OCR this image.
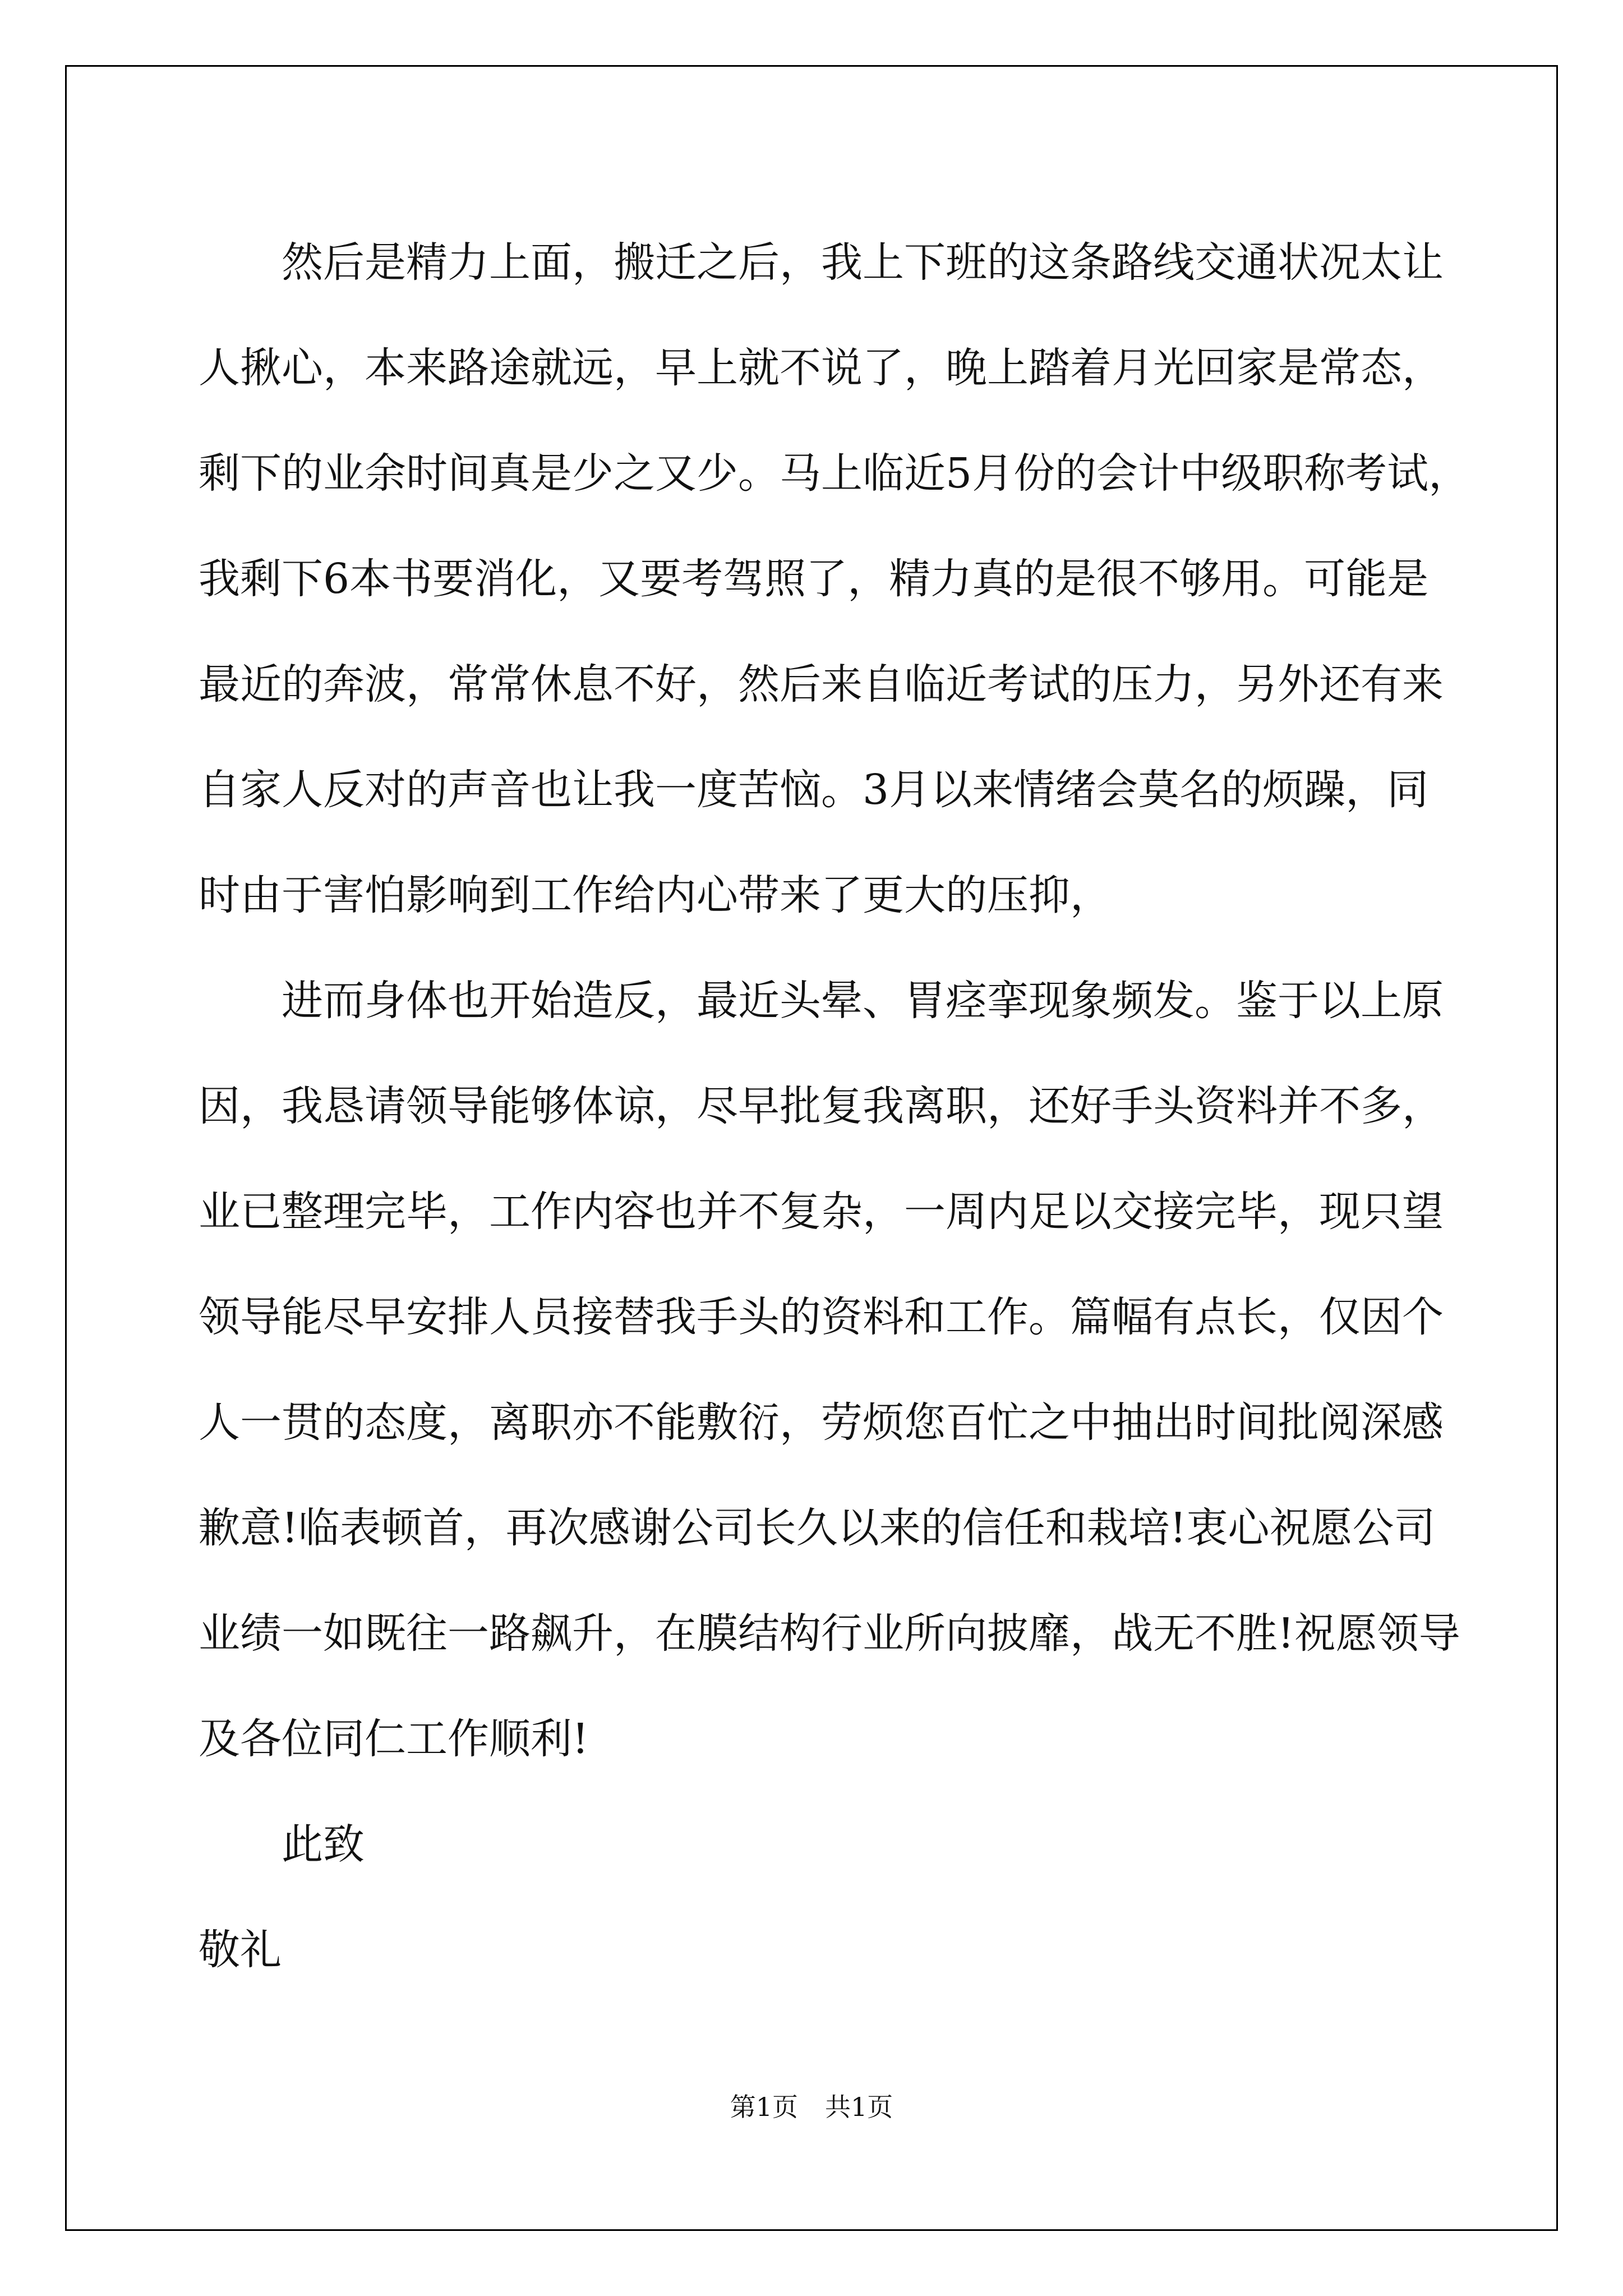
然后是精力上面，搬迁之后，我上下班的这条路线交通状况太让
人揪心，本来路途就远，早上就不说了，晚上踏着月光回家是常态，
剩下的业余时间真是少之又少。马上临近5月份的会计中级职称考试，
我剩下6本书要消化，又要考驾照了，精力真的是很不够用。可能是
最近的奔波，常常休息不好，然后来自临近考试的压力，另外还有来
自家人反对的声音也让我一度苦恼。3月以来情绪会莫名的烦躁，同
时由于害怕影响到工作给内心带来了更大的压抑，
进而身体也开始造反，最近头晕、胃痉挛现象频发。鉴于以上原
因，我恳请领导能够体谅，尽早批复我离职，还好手头资料并不多，
业已整理完毕，工作内容也并不复杂，一周内足以交接完毕，现只望
领导能尽早安排人员接替我手头的资料和工作。篇幅有点长，仅因个
人一贯的态度，离职亦不能敷衍，劳烦您百忙之中抽出时间批阅深感
歉意!临表顿首，再次感谢公司长久以来的信任和栽培!衷心祝愿公司
业绩一如既往一路飙升，在膜结构行业所向披靡，战无不胜!祝愿领导
及各位同仁工作顺利!
此致
敬礼
第1页 共1页
